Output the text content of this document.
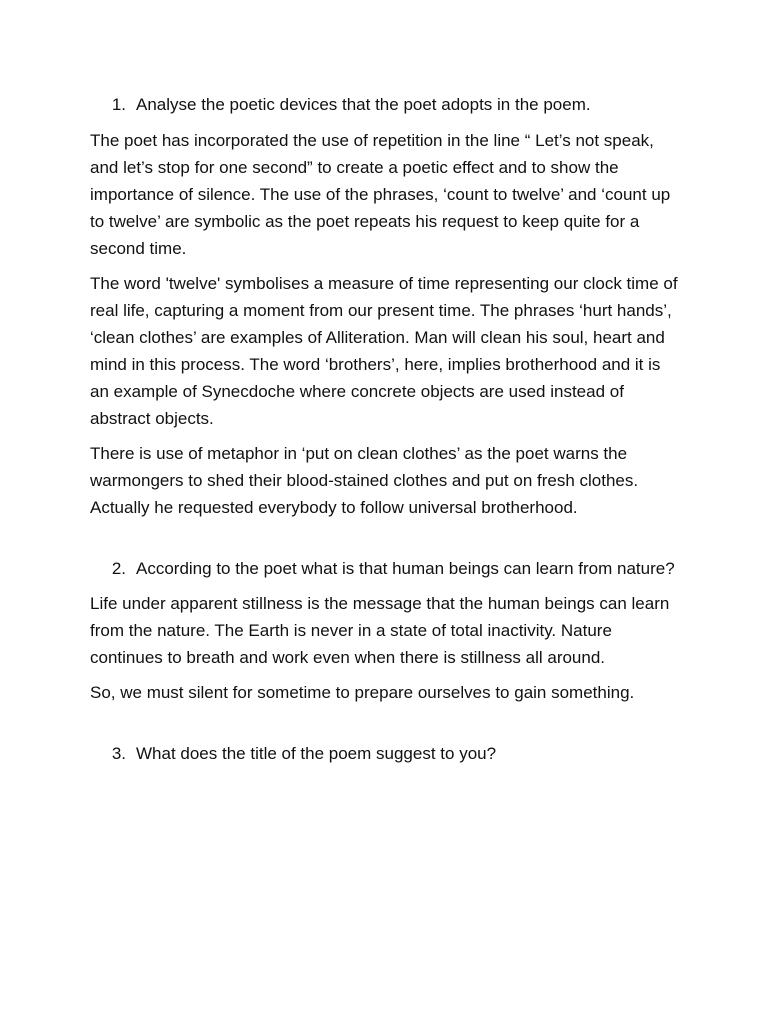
1. Analyse the poetic devices that the poet adopts in the poem.

The poet has incorporated the use of repetition in the line “ Let’s not speak, and let’s stop for one second” to create a poetic effect and to show the importance of silence. The use of the phrases, ‘count to twelve’ and ‘count up to twelve’ are symbolic as the poet repeats his request to keep quite for a second time.

The word 'twelve' symbolises a measure of time representing our clock time of real life, capturing a moment from our present time. The phrases ‘hurt hands’, ‘clean clothes’ are examples of Alliteration. Man will clean his soul, heart and mind in this process. The word ‘brothers’, here, implies brotherhood and it is an example of Synecdoche where concrete objects are used instead of abstract objects.

There is use of metaphor in ‘put on clean clothes’ as the poet warns the warmongers to shed their blood-stained clothes and put on fresh clothes. Actually he requested everybody to follow universal brotherhood.

2. According to the poet what is that human beings can learn from nature?

Life under apparent stillness is the message that the human beings can learn from the nature. The Earth is never in a state of total inactivity. Nature continues to breath and work even when there is stillness all around.

So, we must silent for sometime to prepare ourselves to gain something.

3. What does the title of the poem suggest to you?
